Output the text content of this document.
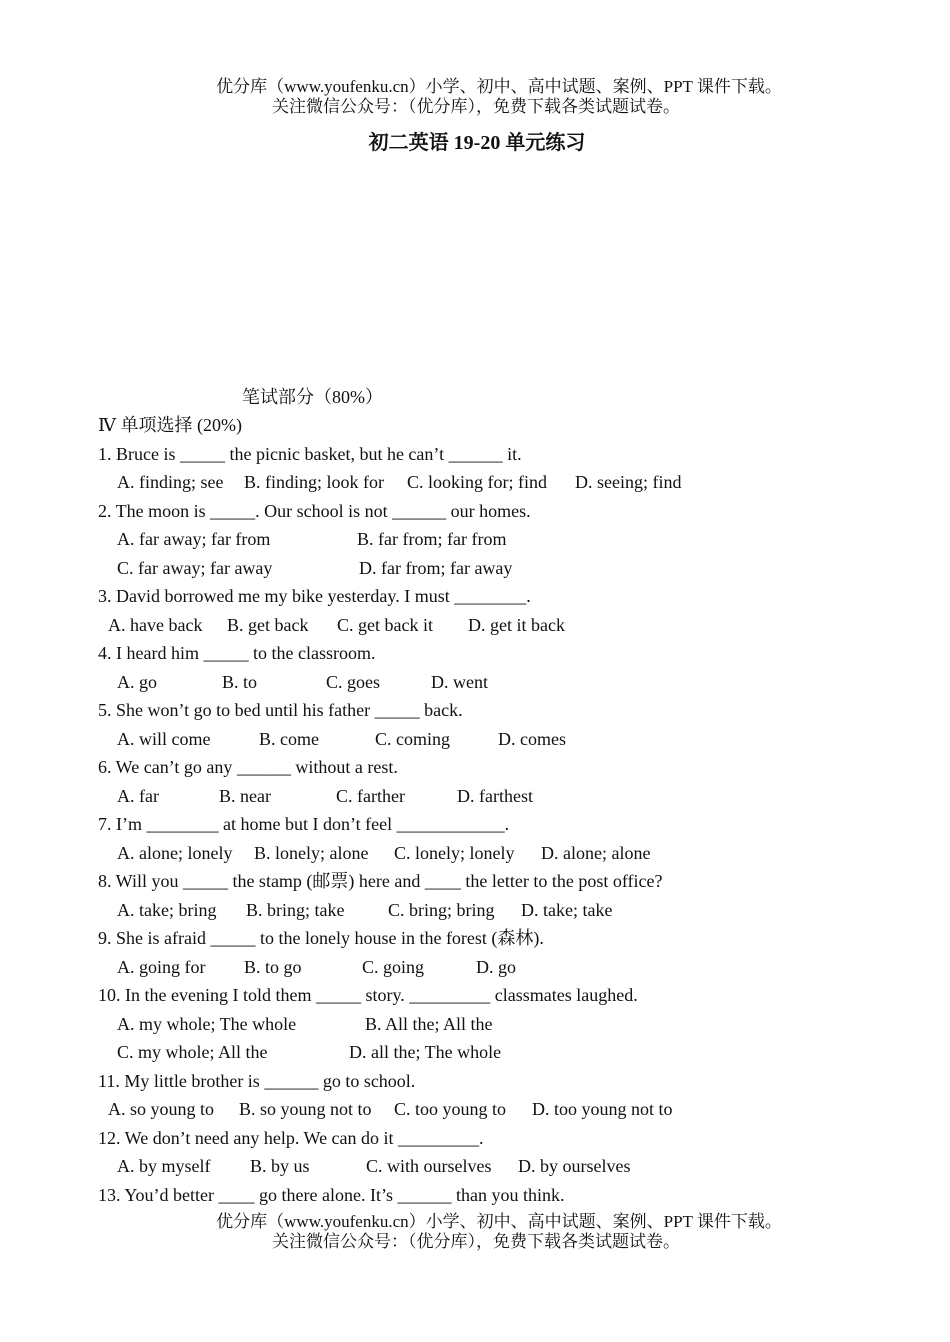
优分库（www.youfenku.cn）小学、初中、高中试题、案例、PPT 课件下载。
关注微信公众号：（优分库），免费下载各类试题试卷。
初二英语 19-20 单元练习
笔试部分（80%）
Ⅳ 单项选择 (20%)
1. Bruce is _____ the picnic basket, but he can’t ______ it.
A. finding; see	B. finding; look for	C. looking for; find	D. seeing; find
2. The moon is _____. Our school is not ______ our homes.
A. far away; far from	B. far from; far from
C. far away; far away	D. far from; far away
3. David borrowed me my bike yesterday. I must ________.
A. have back	B. get back	C. get back it	D. get it back
4. I heard him _____ to the classroom.
A. go	B. to	C. goes	D. went
5. She won’t go to bed until his father _____ back.
A. will come	B. come	C. coming	D. comes
6. We can’t go any ______ without a rest.
A. far	B. near	C. farther	D. farthest
7. I’m ________ at home but I don’t feel ____________.
A. alone; lonely	B. lonely; alone	C. lonely; lonely	D. alone; alone
8. Will you _____ the stamp (邮票) here and ____ the letter to the post office?
A. take; bring	B. bring; take	C. bring; bring	D. take; take
9. She is afraid _____ to the lonely house in the forest (森林).
A. going for	B. to go	C. going	D. go
10. In the evening I told them _____ story. _________ classmates laughed.
A. my whole; The whole	B. All the; All the
C. my whole; All the	D. all the; The whole
11. My little brother is ______ go to school.
A. so young to	B. so young not to	C. too young to	D. too young not to
12. We don’t need any help. We can do it _________.
A. by myself	B. by us	C. with ourselves	D. by ourselves
13. You’d better ____ go there alone. It’s ______ than you think.
优分库（www.youfenku.cn）小学、初中、高中试题、案例、PPT 课件下载。
关注微信公众号：（优分库），免费下载各类试题试卷。
